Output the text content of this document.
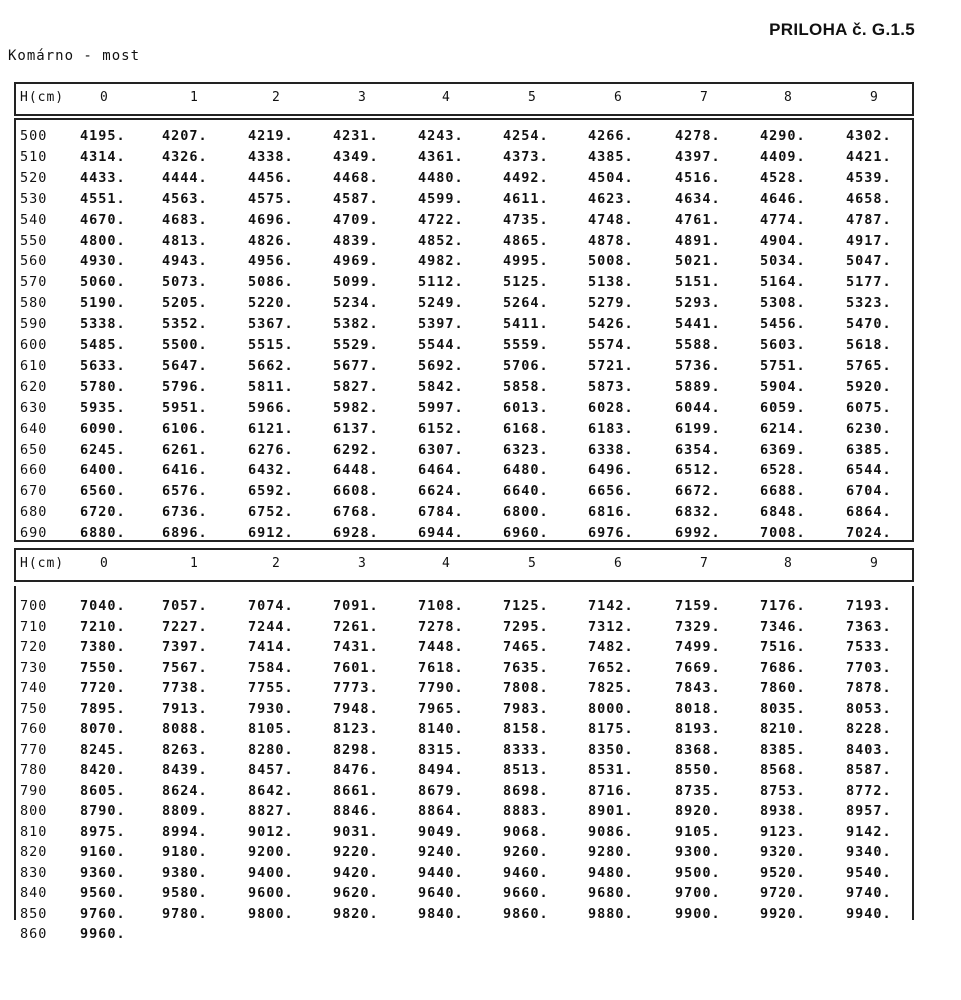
PRILOHA č. G.1.5
Komárno - most
H(cm)	0	1	2	3	4	5	6	7	8	9
H(cm)	0	1	2	3	4	5	6	7	8	9
500 4195.	4207.	4219.	4231.	4243.	4254.	4266.	4278.	4290.	4302.
510 4314.	4326.	4338.	4349.	4361.	4373.	4385.	4397.	4409.	4421.
520 4433.	4444.	4456.	4468.	4480.	4492.	4504.	4516.	4528.	4539.
530 4551.	4563.	4575.	4587.	4599.	4611.	4623.	4634.	4646.	4658.
540 4670.	4683.	4696.	4709.	4722.	4735.	4748.	4761.	4774.	4787.
550 4800.	4813.	4826.	4839.	4852.	4865.	4878.	4891.	4904.	4917.
560 4930.	4943.	4956.	4969.	4982.	4995.	5008.	5021.	5034.	5047.
570 5060.	5073.	5086.	5099.	5112.	5125.	5138.	5151.	5164.	5177.
580 5190.	5205.	5220.	5234.	5249.	5264.	5279.	5293.	5308.	5323.
590 5338.	5352.	5367.	5382.	5397.	5411.	5426.	5441.	5456.	5470.
600 5485.	5500.	5515.	5529.	5544.	5559.	5574.	5588.	5603.	5618.
610 5633.	5647.	5662.	5677.	5692.	5706.	5721.	5736.	5751.	5765.
620 5780.	5796.	5811.	5827.	5842.	5858.	5873.	5889.	5904.	5920.
630 5935.	5951.	5966.	5982.	5997.	6013.	6028.	6044.	6059.	6075.
640 6090.	6106.	6121.	6137.	6152.	6168.	6183.	6199.	6214.	6230.
650 6245.	6261.	6276.	6292.	6307.	6323.	6338.	6354.	6369.	6385.
660 6400.	6416.	6432.	6448.	6464.	6480.	6496.	6512.	6528.	6544.
670 6560.	6576.	6592.	6608.	6624.	6640.	6656.	6672.	6688.	6704.
680 6720.	6736.	6752.	6768.	6784.	6800.	6816.	6832.	6848.	6864.
690 6880.	6896.	6912.	6928.	6944.	6960.	6976.	6992.	7008.	7024.
700 7040.	7057.	7074.	7091.	7108.	7125.	7142.	7159.	7176.	7193.
710 7210.	7227.	7244.	7261.	7278.	7295.	7312.	7329.	7346.	7363.
720 7380.	7397.	7414.	7431.	7448.	7465.	7482.	7499.	7516.	7533.
730 7550.	7567.	7584.	7601.	7618.	7635.	7652.	7669.	7686.	7703.
740 7720.	7738.	7755.	7773.	7790.	7808.	7825.	7843.	7860.	7878.
750 7895.	7913.	7930.	7948.	7965.	7983.	8000.	8018.	8035.	8053.
760 8070.	8088.	8105.	8123.	8140.	8158.	8175.	8193.	8210.	8228.
770 8245.	8263.	8280.	8298.	8315.	8333.	8350.	8368.	8385.	8403.
780 8420.	8439.	8457.	8476.	8494.	8513.	8531.	8550.	8568.	8587.
790 8605.	8624.	8642.	8661.	8679.	8698.	8716.	8735.	8753.	8772.
800 8790.	8809.	8827.	8846.	8864.	8883.	8901.	8920.	8938.	8957.
810 8975.	8994.	9012.	9031.	9049.	9068.	9086.	9105.	9123.	9142.
820 9160.	9180.	9200.	9220.	9240.	9260.	9280.	9300.	9320.	9340.
830 9360.	9380.	9400.	9420.	9440.	9460.	9480.	9500.	9520.	9540.
840 9560.	9580.	9600.	9620.	9640.	9660.	9680.	9700.	9720.	9740.
850 9760.	9780.	9800.	9820.	9840.	9860.	9880.	9900.	9920.	9940.
860 9960.
